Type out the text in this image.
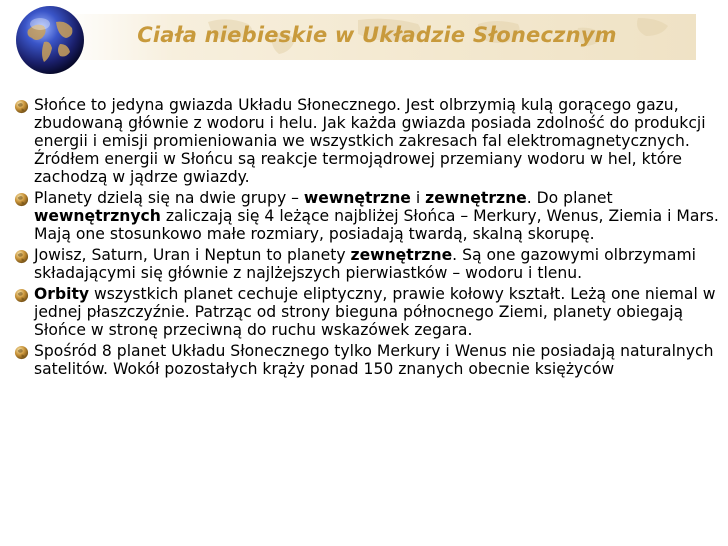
Ciała niebieskie w Układzie Słonecznym
Słońce to jedyna gwiazda Układu Słonecznego. Jest olbrzymią kulą gorącego gazu, zbudowaną głównie z wodoru i helu. Jak każda gwiazda posiada zdolność do produkcji energii i emisji promieniowania we wszystkich zakresach fal elektromagnetycznych. Źródłem energii w Słońcu są reakcje termojądrowej przemiany wodoru w hel, które zachodzą w jądrze gwiazdy.
Planety dzielą się na dwie grupy – wewnętrzne i zewnętrzne. Do planet wewnętrznych zaliczają się 4 leżące najbliżej Słońca – Merkury, Wenus, Ziemia i Mars. Mają one stosunkowo małe rozmiary, posiadają twardą, skalną skorupę.
Jowisz, Saturn, Uran i Neptun to planety zewnętrzne. Są one gazowymi olbrzymami składającymi się głównie z najlżejszych pierwiastków – wodoru i tlenu.
Orbity wszystkich planet cechuje eliptyczny, prawie kołowy kształt. Leżą one niemal w jednej płaszczyźnie. Patrząc od strony bieguna północnego Ziemi, planety obiegają Słońce w stronę przeciwną do ruchu wskazówek zegara.
Spośród 8 planet Układu Słonecznego tylko Merkury i Wenus nie posiadają naturalnych satelitów. Wokół pozostałych krąży ponad 150 znanych obecnie księżyców
